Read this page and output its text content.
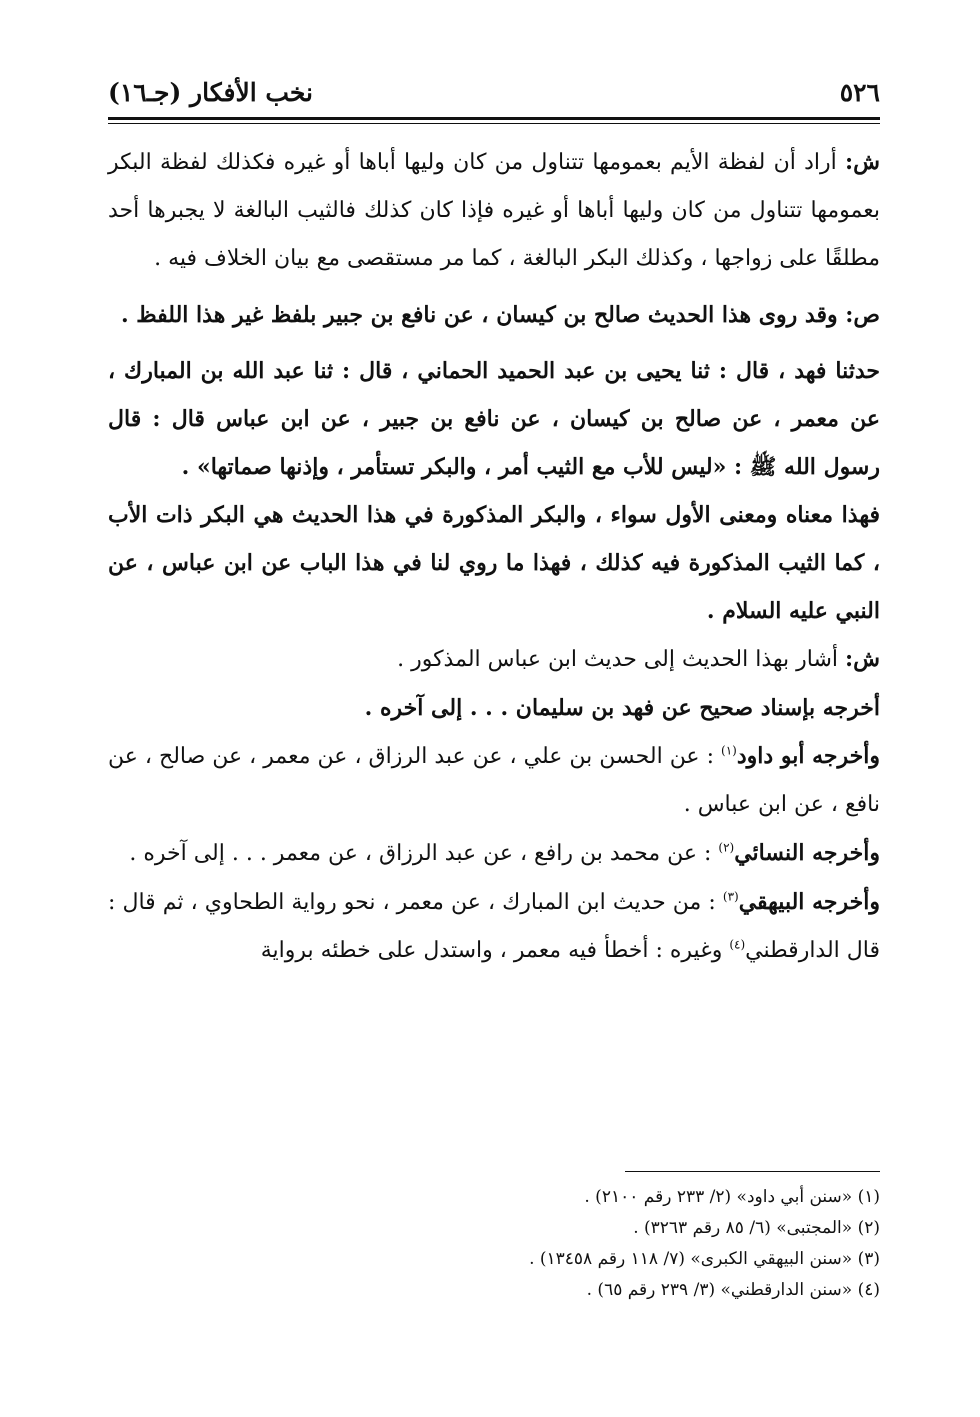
٥٢٦
نخب الأفكار (جـ١٦)

ش: أراد أن لفظة الأيم بعمومها تتناول من كان وليها أباها أو غيره فكذلك لفظة البكر بعمومها تتناول من كان وليها أباها أو غيره فإذا كان كذلك فالثيب البالغة لا يجبرها أحد مطلقًا على زواجها ، وكذلك البكر البالغة ، كما مر مستقصى مع بيان الخلاف فيه .

ص: وقد روى هذا الحديث صالح بن كيسان ، عن نافع بن جبير بلفظ غير هذا اللفظ .

حدثنا فهد ، قال : ثنا يحيى بن عبد الحميد الحماني ، قال : ثنا عبد الله بن المبارك ، عن معمر ، عن صالح بن كيسان ، عن نافع بن جبير ، عن ابن عباس قال : قال رسول الله ﷺ : «ليس للأب مع الثيب أمر ، والبكر تستأمر ، وإذنها صماتها» .

فهذا معناه ومعنى الأول سواء ، والبكر المذكورة في هذا الحديث هي البكر ذات الأب ، كما الثيب المذكورة فيه كذلك ، فهذا ما روي لنا في هذا الباب عن ابن عباس ، عن النبي عليه السلام .

ش: أشار بهذا الحديث إلى حديث ابن عباس المذكور .

أخرجه بإسناد صحيح عن فهد بن سليمان . . . إلى آخره .

وأخرجه أبو داود$^{(١)}$ : عن الحسن بن علي ، عن عبد الرزاق ، عن معمر ، عن صالح ، عن نافع ، عن ابن عباس .

وأخرجه النسائي$^{(٢)}$ : عن محمد بن رافع ، عن عبد الرزاق ، عن معمر . . . إلى آخره .

وأخرجه البيهقي$^{(٣)}$ : من حديث ابن المبارك ، عن معمر ، نحو رواية الطحاوي ، ثم قال : قال الدارقطني$^{(٤)}$ وغيره : أخطأ فيه معمر ، واستدل على خطئه برواية

(١) «سنن أبي داود» (٢/ ٢٣٣ رقم ٢١٠٠) .
(٢) «المجتبى» (٦/ ٨٥ رقم ٣٢٦٣) .
(٣) «سنن البيهقي الكبرى» (٧/ ١١٨ رقم ١٣٤٥٨) .
(٤) «سنن الدارقطني» (٣/ ٢٣٩ رقم ٦٥) .
